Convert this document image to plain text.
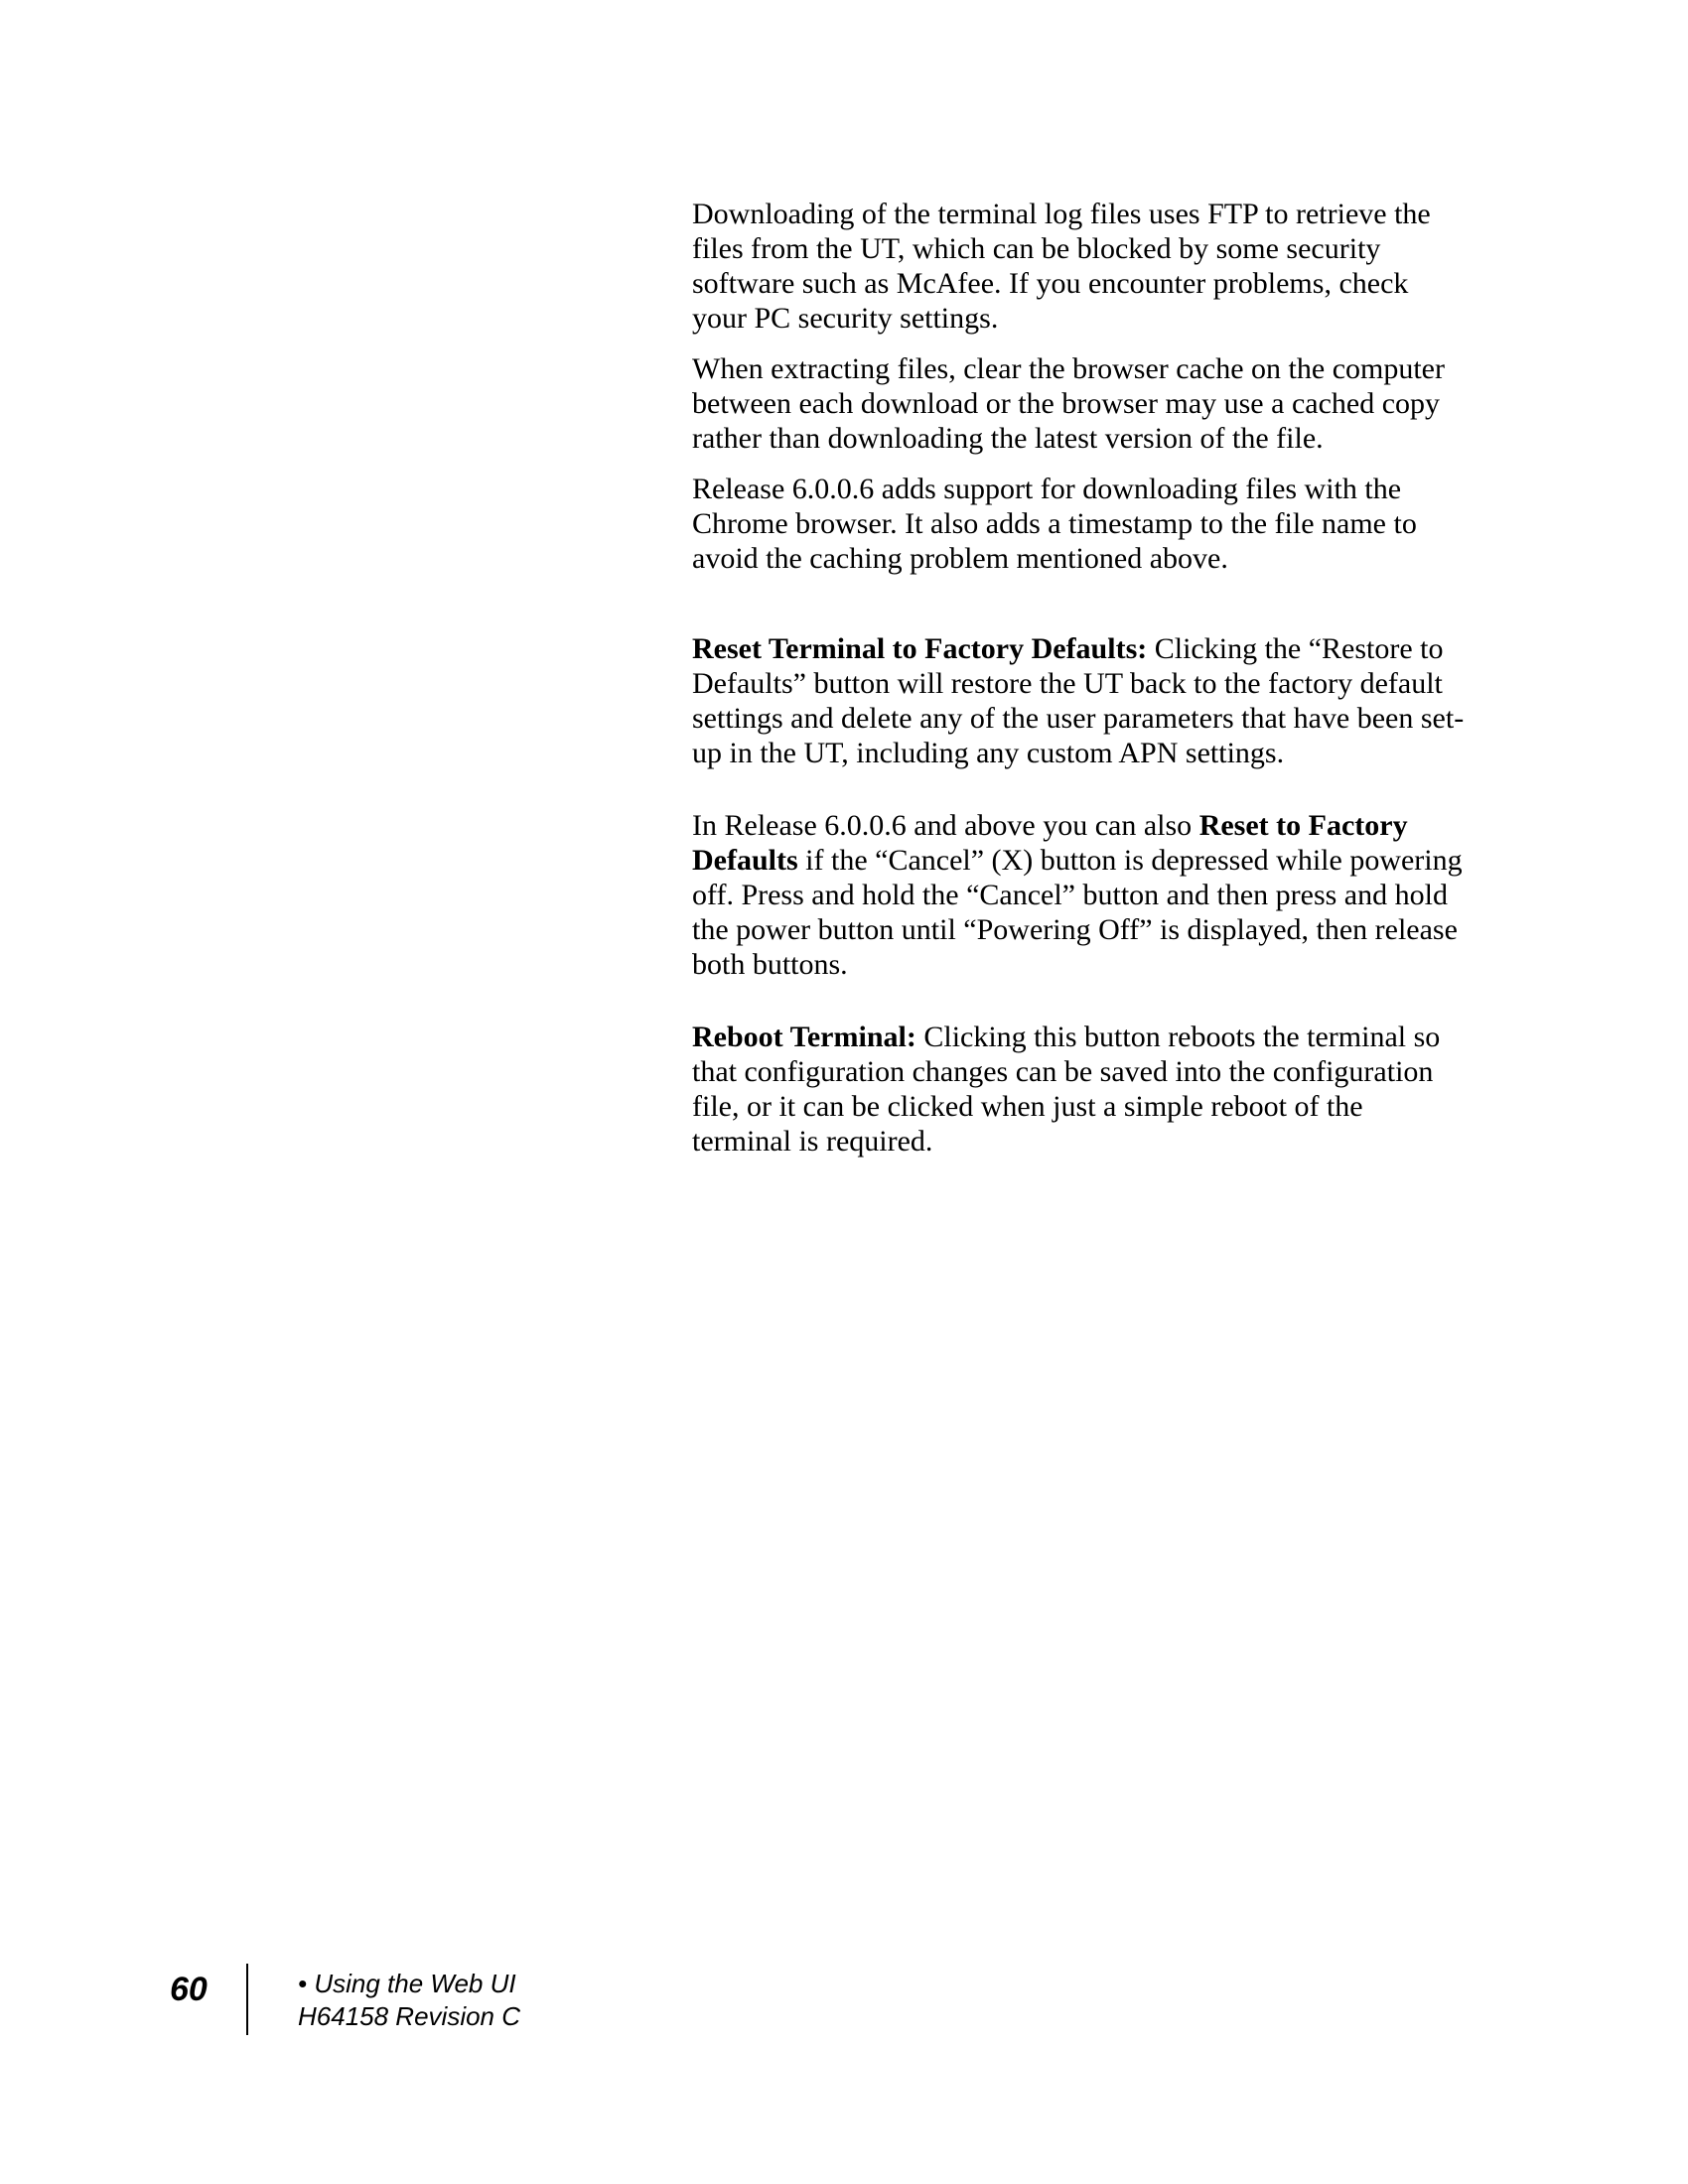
Downloading of the terminal log files uses FTP to retrieve the files from the UT, which can be blocked by some security software such as McAfee. If you encounter problems, check your PC security settings.

When extracting files, clear the browser cache on the computer between each download or the browser may use a cached copy rather than downloading the latest version of the file.

Release 6.0.0.6 adds support for downloading files with the Chrome browser. It also adds a timestamp to the file name to avoid the caching problem mentioned above.

Reset Terminal to Factory Defaults: Clicking the “Restore to Defaults” button will restore the UT back to the factory default settings and delete any of the user parameters that have been set-up in the UT, including any custom APN settings.

In Release 6.0.0.6 and above you can also Reset to Factory Defaults if the “Cancel” (X) button is depressed while powering off. Press and hold the “Cancel” button and then press and hold the power button until “Powering Off” is displayed, then release both buttons.

Reboot Terminal: Clicking this button reboots the terminal so that configuration changes can be saved into the configuration file, or it can be clicked when just a simple reboot of the terminal is required.

60	• Using the Web UI
H64158 Revision C
